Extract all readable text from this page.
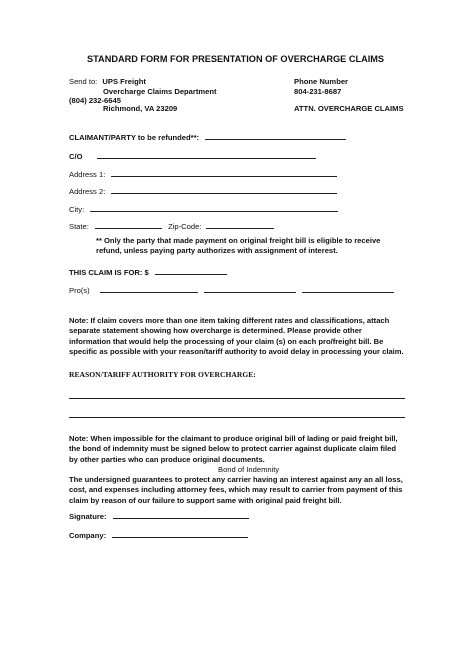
STANDARD FORM FOR PRESENTATION OF OVERCHARGE CLAIMS
Send to: UPS Freight
Overcharge Claims Department
(804) 232-6645
Richmond, VA 23209
Phone Number
804-231-8687
ATTN. OVERCHARGE CLAIMS
CLAIMANT/PARTY to be refunded**:
C/O
Address 1:
Address 2:
City:
State:	Zip-Code:
** Only the party that made payment on original freight bill is eligible to receive refund, unless paying party authorizes with assignment of interest.
THIS CLAIM IS FOR: $
Pro(s)
Note: If claim covers more than one item taking different rates and classifications, attach separate statement showing how overcharge is determined. Please provide other information that would help the processing of your claim (s) on each pro/freight bill. Be specific as possible with your reason/tariff authority to avoid delay in processing your claim.
REASON/TARIFF AUTHORITY FOR OVERCHARGE:
Note: When impossible for the claimant to produce original bill of lading or paid freight bill, the bond of indemnity must be signed below to protect carrier against duplicate claim filed by other parties who can produce original documents.
Bond of Indemnity
The undersigned guarantees to protect any carrier having an interest against any an all loss, cost, and expenses including attorney fees, which may result to carrier from payment of this claim by reason of our failure to support same with original paid freight bill.
Signature:
Company:
